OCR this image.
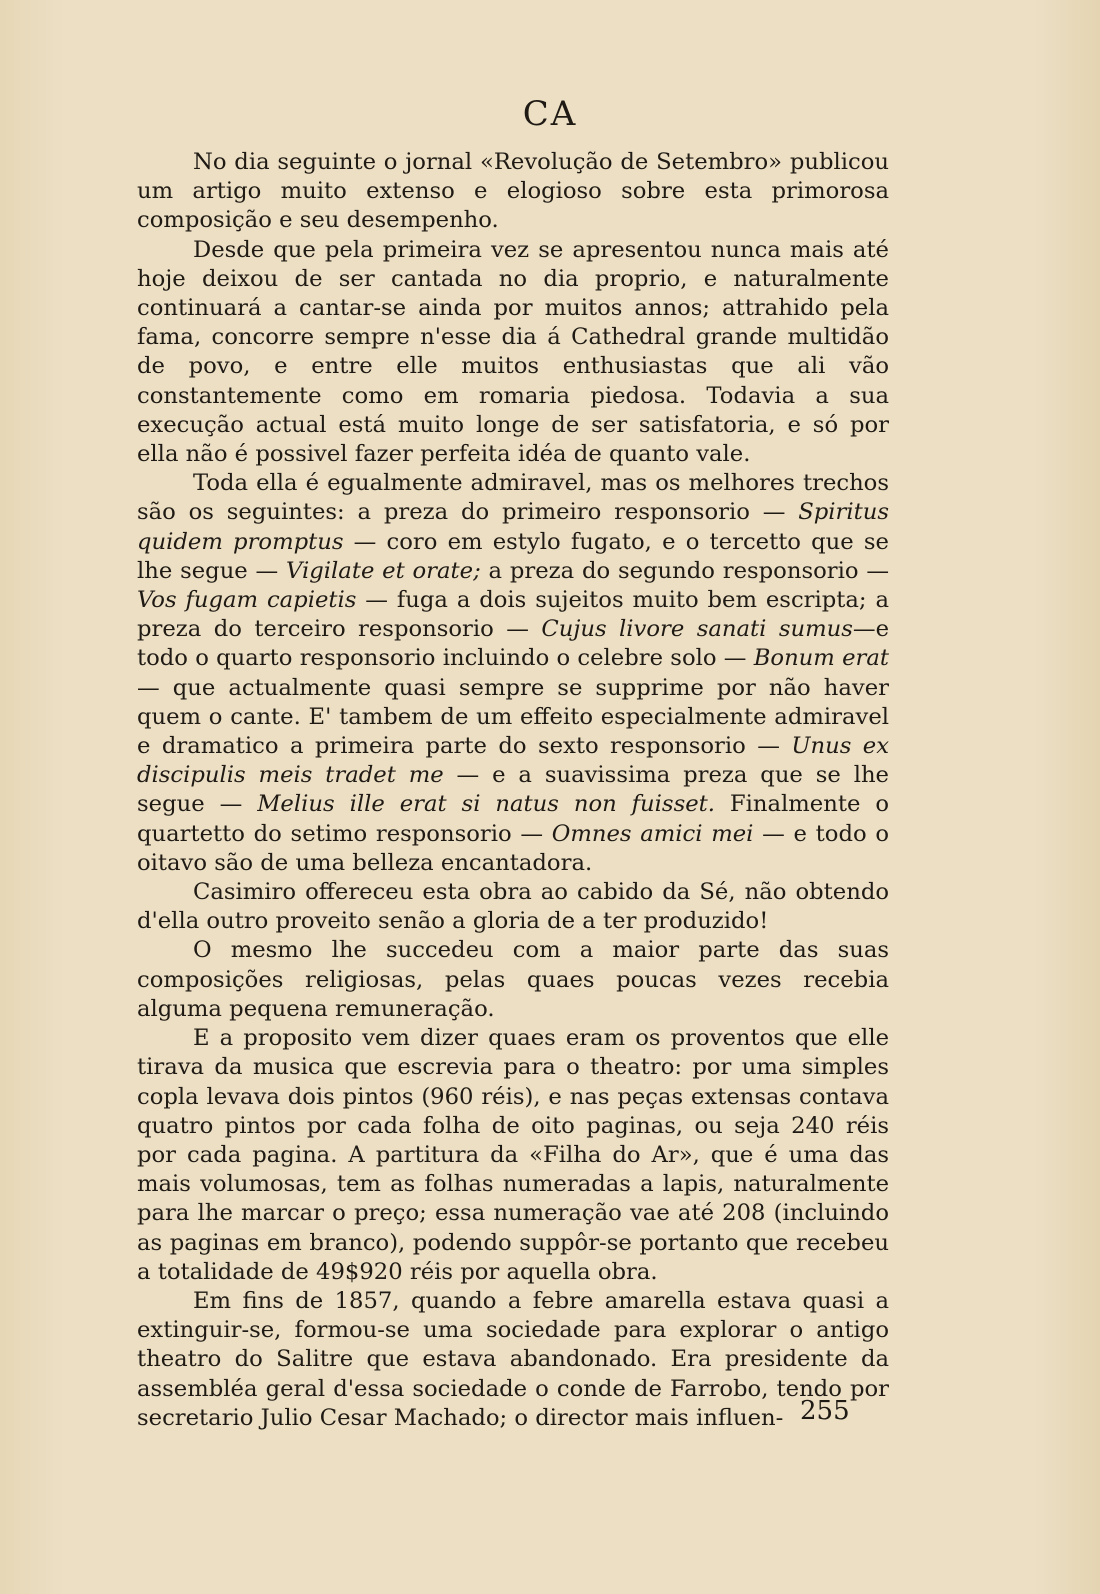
CA

No dia seguinte o jornal «Revolução de Setembro» publicou um artigo muito extenso e elogioso sobre esta primorosa composição e seu desempenho.

Desde que pela primeira vez se apresentou nunca mais até hoje deixou de ser cantada no dia proprio, e naturalmente continuará a cantar-se ainda por muitos annos; attrahido pela fama, concorre sempre n'esse dia á Cathedral grande multidão de povo, e entre elle muitos enthusiastas que ali vão constantemente como em romaria piedosa. Todavia a sua execução actual está muito longe de ser satisfatoria, e só por ella não é possivel fazer perfeita idéa de quanto vale.

Toda ella é egualmente admiravel, mas os melhores trechos são os seguintes: a preza do primeiro responsorio — Spiritus quidem promptus — coro em estylo fugato, e o tercetto que se lhe segue — Vigilate et orate; a preza do segundo responsorio — Vos fugam capietis — fuga a dois sujeitos muito bem escripta; a preza do terceiro responsorio — Cujus livore sanati sumus—e todo o quarto responsorio incluindo o celebre solo — Bonum erat — que actualmente quasi sempre se supprime por não haver quem o cante. E' tambem de um effeito especialmente admiravel e dramatico a primeira parte do sexto responsorio — Unus ex discipulis meis tradet me — e a suavissima preza que se lhe segue — Melius ille erat si natus non fuisset. Finalmente o quartetto do setimo responsorio — Omnes amici mei — e todo o oitavo são de uma belleza encantadora.

Casimiro offereceu esta obra ao cabido da Sé, não obtendo d'ella outro proveito senão a gloria de a ter produzido!

O mesmo lhe succedeu com a maior parte das suas composições religiosas, pelas quaes poucas vezes recebia alguma pequena remuneração.

E a proposito vem dizer quaes eram os proventos que elle tirava da musica que escrevia para o theatro: por uma simples copla levava dois pintos (960 réis), e nas peças extensas contava quatro pintos por cada folha de oito paginas, ou seja 240 réis por cada pagina. A partitura da «Filha do Ar», que é uma das mais volumosas, tem as folhas numeradas a lapis, naturalmente para lhe marcar o preço; essa numeração vae até 208 (incluindo as paginas em branco), podendo suppôr-se portanto que recebeu a totalidade de 49$920 réis por aquella obra.

Em fins de 1857, quando a febre amarella estava quasi a extinguir-se, formou-se uma sociedade para explorar o antigo theatro do Salitre que estava abandonado. Era presidente da assembléa geral d'essa sociedade o conde de Farrobo, tendo por secretario Julio Cesar Machado; o director mais influen- 255
